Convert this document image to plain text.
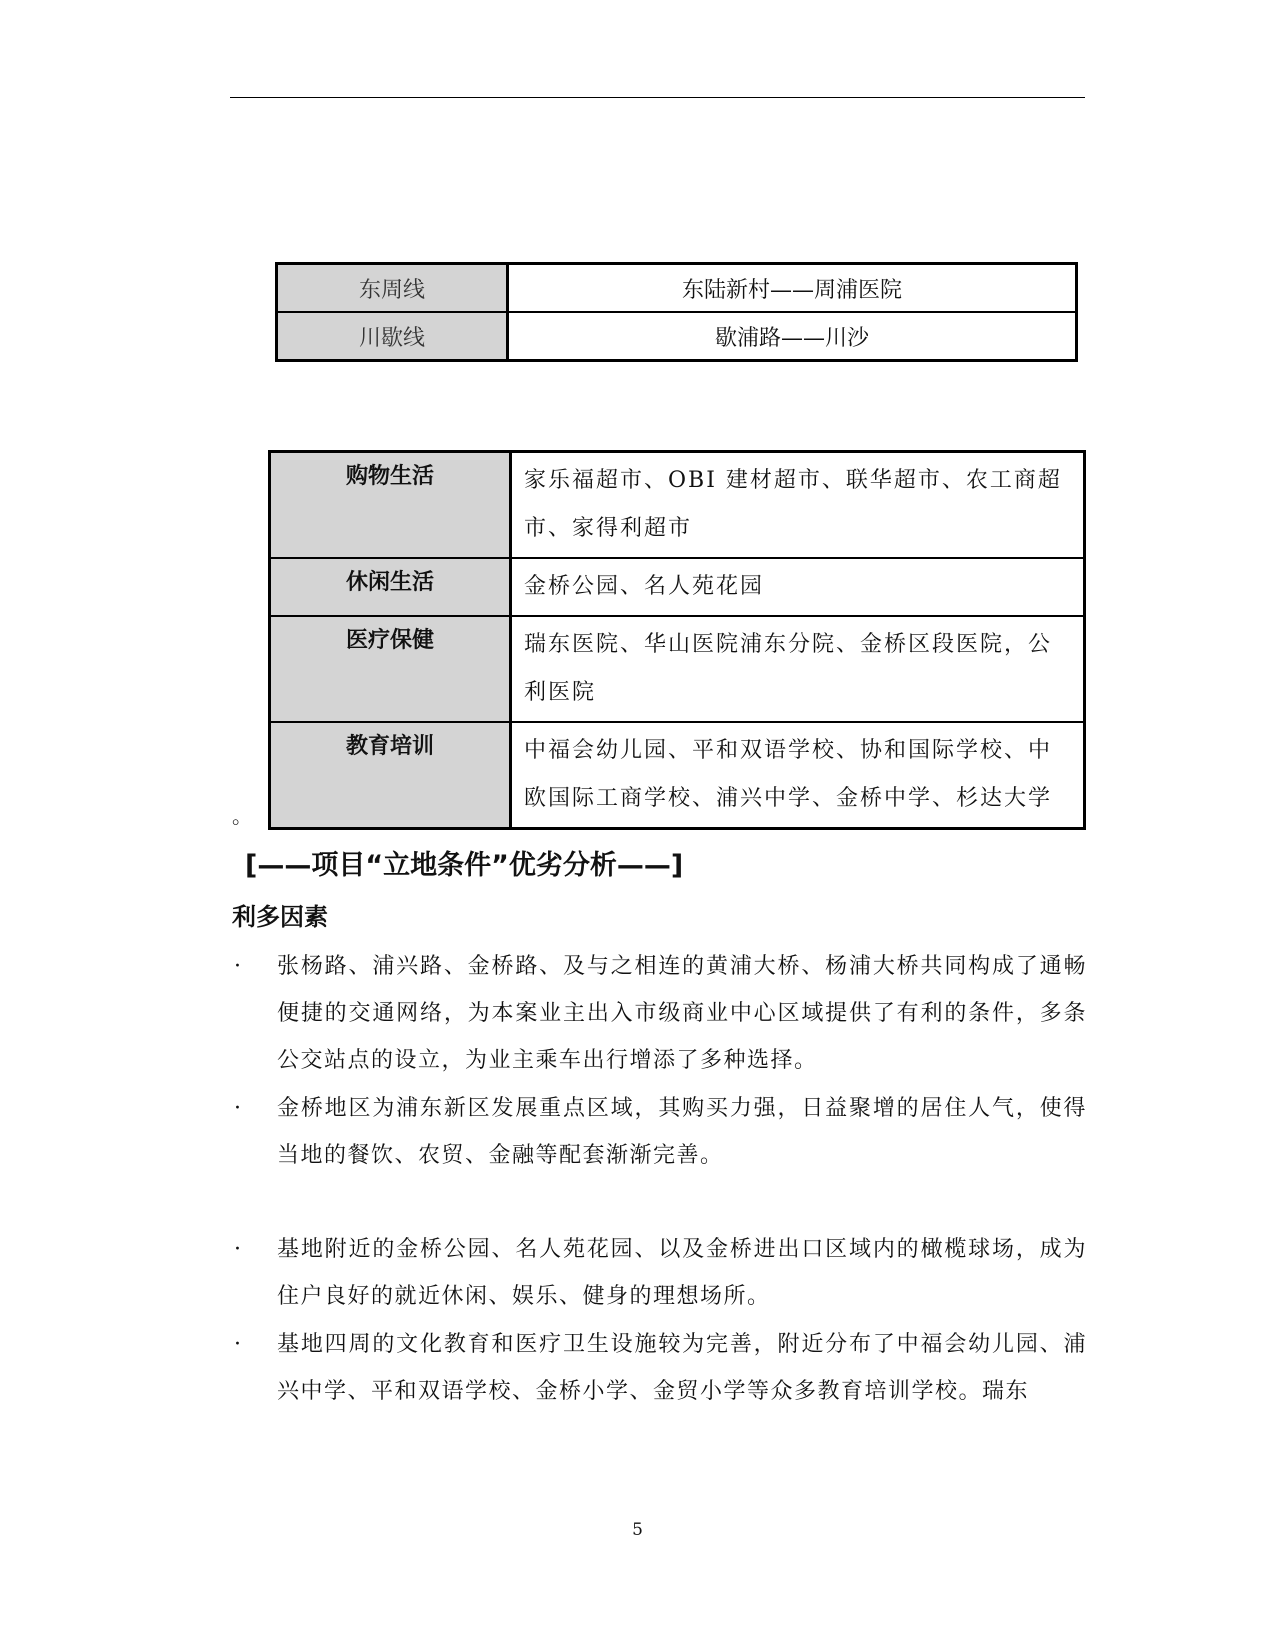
东周线	东陆新村——周浦医院
川歇线	歇浦路——川沙
购物生活	家乐福超市、OBI 建材超市、联华超市、农工商超市、家得利超市
休闲生活	金桥公园、名人苑花园
医疗保健	瑞东医院、华山医院浦东分院、金桥区段医院，公利医院
教育培训	中福会幼儿园、平和双语学校、协和国际学校、中欧国际工商学校、浦兴中学、金桥中学、杉达大学
。
[——项目“立地条件”优劣分析——]
利多因素
· 张杨路、浦兴路、金桥路、及与之相连的黄浦大桥、杨浦大桥共同构成了通畅便捷的交通网络，为本案业主出入市级商业中心区域提供了有利的条件，多条公交站点的设立，为业主乘车出行增添了多种选择。
· 金桥地区为浦东新区发展重点区域，其购买力强，日益聚增的居住人气，使得当地的餐饮、农贸、金融等配套渐渐完善。
· 基地附近的金桥公园、名人苑花园、以及金桥进出口区域内的橄榄球场，成为住户良好的就近休闲、娱乐、健身的理想场所。
· 基地四周的文化教育和医疗卫生设施较为完善，附近分布了中福会幼儿园、浦兴中学、平和双语学校、金桥小学、金贸小学等众多教育培训学校。瑞东
5
